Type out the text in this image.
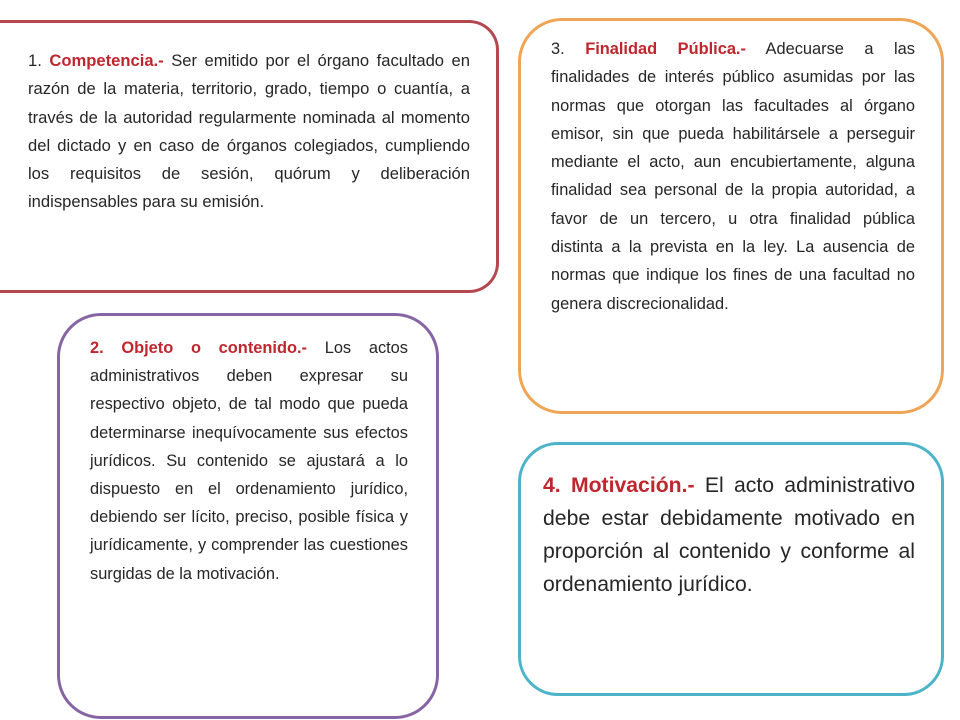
1. Competencia.- Ser emitido por el órgano facultado en razón de la materia, territorio, grado, tiempo o cuantía, a través de la autoridad regularmente nominada al momento del dictado y en caso de órganos colegiados, cumpliendo los requisitos de sesión, quórum y deliberación indispensables para su emisión.

3. Finalidad Pública.- Adecuarse a las finalidades de interés público asumidas por las normas que otorgan las facultades al órgano emisor, sin que pueda habilitársele a perseguir mediante el acto, aun encubiertamente, alguna finalidad sea personal de la propia autoridad, a favor de un tercero, u otra finalidad pública distinta a la prevista en la ley. La ausencia de normas que indique los fines de una facultad no genera discrecionalidad.

2. Objeto o contenido.- Los actos administrativos deben expresar su respectivo objeto, de tal modo que pueda determinarse inequívocamente sus efectos jurídicos. Su contenido se ajustará a lo dispuesto en el ordenamiento jurídico, debiendo ser lícito, preciso, posible física y jurídicamente, y comprender las cuestiones surgidas de la motivación.

4. Motivación.- El acto administrativo debe estar debidamente motivado en proporción al contenido y conforme al ordenamiento jurídico.
